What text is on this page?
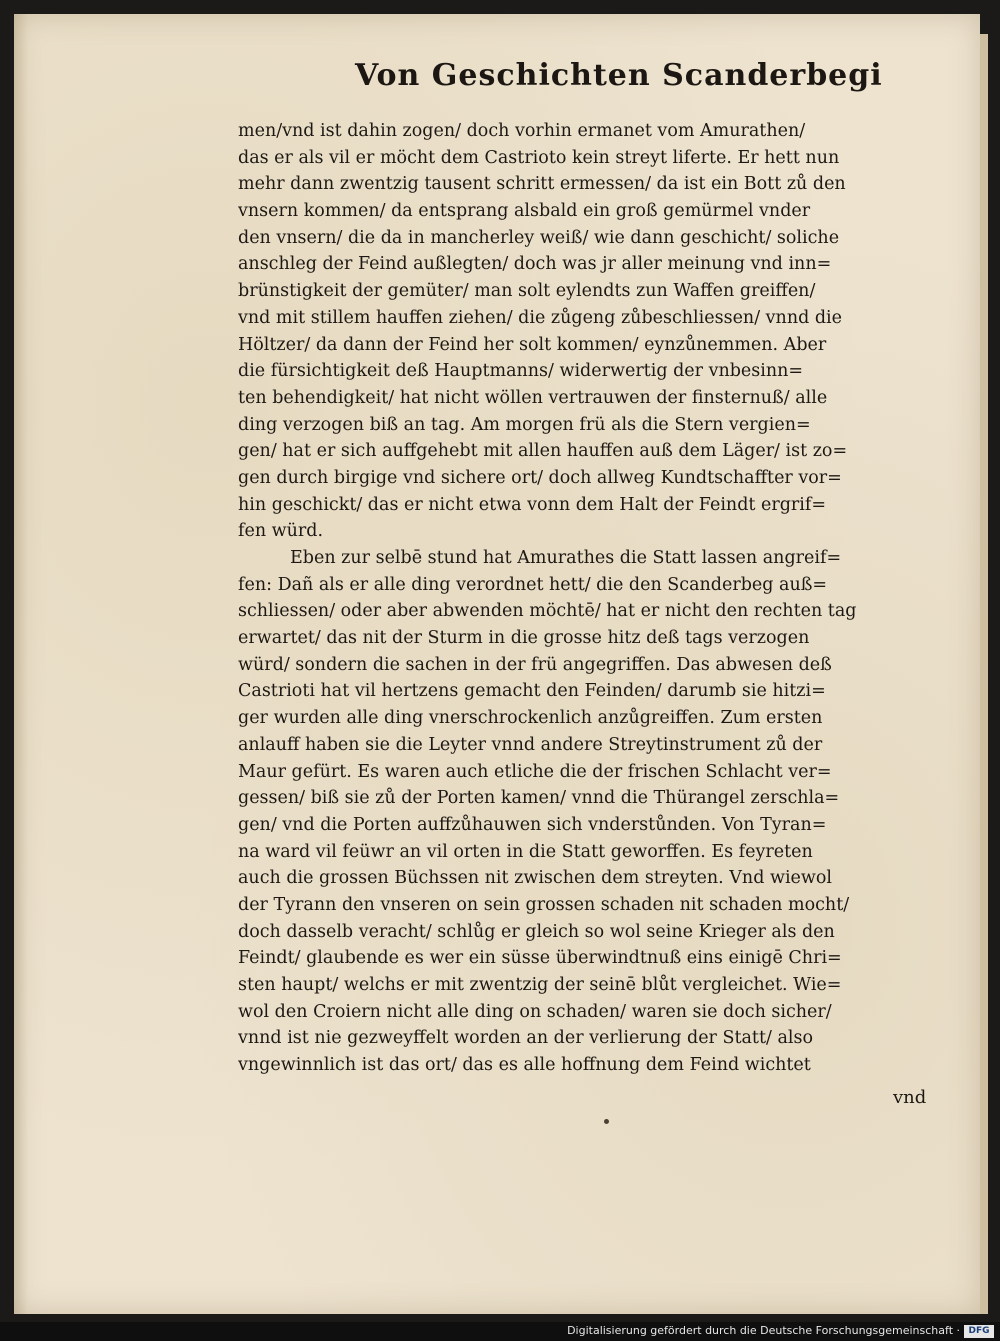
Von Geschichten Scanderbegi
men/vnd ist dahin zogen/ doch vorhin ermanet vom Amurathen/
das er als vil er möcht dem Castrioto kein streyt liferte. Er hett nun
mehr dann zwentzig tausent schritt ermessen/ da ist ein Bott zů den
vnsern kommen/ da entsprang alsbald ein groß gemürmel vnder
den vnsern/ die da in mancherley weiß/ wie dann geschicht/ soliche
anschleg der Feind außlegten/ doch was jr aller meinung vnd inn=
brünstigkeit der gemüter/ man solt eylendts zun Waffen greiffen/
vnd mit stillem hauffen ziehen/ die zůgeng zůbeschliessen/ vnnd die
Höltzer/ da dann der Feind her solt kommen/ eynzůnemmen. Aber
die fürsichtigkeit deß Hauptmanns/ widerwertig der vnbesinn=
ten behendigkeit/ hat nicht wöllen vertrauwen der finsternuß/ alle
ding verzogen biß an tag. Am morgen frü als die Stern vergien=
gen/ hat er sich auffgehebt mit allen hauffen auß dem Läger/ ist zo=
gen durch birgige vnd sichere ort/ doch allweg Kundtschaffter vor=
hin geschickt/ das er nicht etwa vonn dem Halt der Feindt ergrif=
fen würd.
Eben zur selbē stund hat Amurathes die Statt lassen angreif=
fen: Dañ als er alle ding verordnet hett/ die den Scanderbeg auß=
schliessen/ oder aber abwenden möchtē/ hat er nicht den rechten tag
erwartet/ das nit der Sturm in die grosse hitz deß tags verzogen
würd/ sondern die sachen in der frü angegriffen. Das abwesen deß
Castrioti hat vil hertzens gemacht den Feinden/ darumb sie hitzi=
ger wurden alle ding vnerschrockenlich anzůgreiffen. Zum ersten
anlauff haben sie die Leyter vnnd andere Streytinstrument zů der
Maur gefürt. Es waren auch etliche die der frischen Schlacht ver=
gessen/ biß sie zů der Porten kamen/ vnnd die Thürangel zerschla=
gen/ vnd die Porten auffzůhauwen sich vnderstůnden. Von Tyran=
na ward vil feüwr an vil orten in die Statt geworffen. Es feyreten
auch die grossen Büchssen nit zwischen dem streyten. Vnd wiewol
der Tyrann den vnseren on sein grossen schaden nit schaden mocht/
doch dasselb veracht/ schlůg er gleich so wol seine Krieger als den
Feindt/ glaubende es wer ein süsse überwindtnuß eins einigē Chri=
sten haupt/ welchs er mit zwentzig der seinē blůt vergleichet. Wie=
wol den Croiern nicht alle ding on schaden/ waren sie doch sicher/
vnnd ist nie gezweyffelt worden an der verlierung der Statt/ also
vngewinnlich ist das ort/ das es alle hoffnung dem Feind wichtet
vnd
Digitalisierung gefördert durch die Deutsche Forschungsgemeinschaft · DFG
